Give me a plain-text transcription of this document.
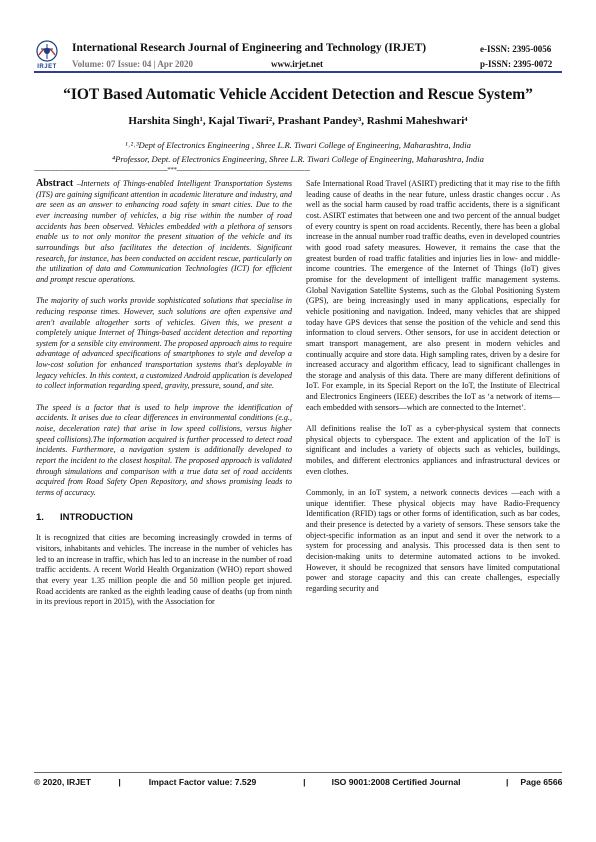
IRJET
International Research Journal of Engineering and Technology (IRJET)
Volume: 07 Issue: 04 | Apr 2020	www.irjet.net
e-ISSN: 2395-0056
p-ISSN: 2395-0072
“IOT Based Automatic Vehicle Accident Detection and Rescue System”
Harshita Singh¹, Kajal Tiwari², Prashant Pandey³, Rashmi Maheshwari⁴
¹˒²˒³Dept of Electronics Engineering , Shree L.R. Tiwari College of Engineering, Maharashtra, India
⁴Professor, Dept. of Electronics Engineering, Shree L.R. Tiwari College of Engineering, Maharashtra, India
---------------------------------------------------------------------***---------------------------------------------------------------------

Abstract –Internets of Things-enabled Intelligent Transportation Systems (ITS) are gaining significant attention in academic literature and industry, and are seen as an answer to enhancing road safety in smart cities. Due to the ever increasing number of vehicles, a big rise within the number of road accidents has been observed. Vehicles embedded with a plethora of sensors enable us to not only monitor the present situation of the vehicle and its surroundings but also facilitates the detection of incidents. Significant research, for instance, has been conducted on accident rescue, particularly on the utilization of data and Communication Technologies (ICT) for efficient and prompt rescue operations.

The majority of such works provide sophisticated solutions that specialise in reducing response times. However, such solutions are often expensive and aren't available altogether sorts of vehicles. Given this, we present a completely unique Internet of Things-based accident detection and reporting system for a sensible city environment. The proposed approach aims to require advantage of advanced specifications of smartphones to style and develop a low-cost solution for enhanced transportation systems that's deployable in legacy vehicles. In this context, a customized Android application is developed to collect information regarding speed, gravity, pressure, sound, and site.

The speed is a factor that is used to help improve the identification of accidents. It arises due to clear differences in environmental conditions (e.g., noise, deceleration rate) that arise in low speed collisions, versus higher speed collisions).The information acquired is further processed to detect road incidents. Furthermore, a navigation system is additionally developed to report the incident to the closest hospital. The proposed approach is validated through simulations and comparison with a true data set of road accidents acquired from Road Safety Open Repository, and shows promising leads to terms of accuracy.

1. INTRODUCTION

It is recognized that cities are becoming increasingly crowded in terms of visitors, inhabitants and vehicles. The increase in the number of vehicles has led to an increase in traffic, which has led to an increase in the number of road traffic accidents. A recent World Health Organization (WHO) report showed that every year 1.35 million people die and 50 million people get injured. Road accidents are ranked as the eighth leading cause of deaths (up from ninth in its previous report in 2015), with the Association for

Safe International Road Travel (ASIRT) predicting that it may rise to the fifth leading cause of deaths in the near future, unless drastic changes occur . As well as the social harm caused by road traffic accidents, there is a significant cost. ASIRT estimates that between one and two percent of the annual budget of every country is spent on road accidents. Recently, there has been a global increase in the annual number road traffic deaths, even in developed countries with good road safety measures. However, it remains the case that the greatest burden of road traffic fatalities and injuries lies in low- and middle-income countries. The emergence of the Internet of Things (IoT) gives promise for the development of intelligent traffic management systems. Global Navigation Satellite Systems, such as the Global Positioning System (GPS), are being increasingly used in many applications, especially for vehicle positioning and navigation. Indeed, many vehicles that are shipped today have GPS devices that sense the position of the vehicle and send this information to cloud servers. Other sensors, for use in accident detection or smart transport management, are also present in modern vehicles and continually acquire and store data. High sampling rates, driven by a desire for increased accuracy and algorithm efficacy, lead to significant challenges in the storage and analysis of this data. There are many different definitions of IoT. For example, in its Special Report on the IoT, the Institute of Electrical and Electronics Engineers (IEEE) describes the IoT as ‘a network of items—each embedded with sensors—which are connected to the Internet’.

All definitions realise the IoT as a cyber-physical system that connects physical objects to cyberspace. The extent and application of the IoT is significant and includes a variety of objects such as vehicles, buildings, mobiles, and different electronics appliances and infrastructural devices or even clothes.

Commonly, in an IoT system, a network connects devices —each with a unique identifier. These physical objects may have Radio-Frequency Identification (RFID) tags or other forms of identification, such as bar codes, and their presence is detected by a variety of sensors. These sensors take the object-specific information as an input and send it over the network to a system for processing and analysis. This processed data is then sent to decision-making units to determine automated actions to be invoked. However, it should be recognized that sensors have limited computational power and storage capacity and this can create challenges, especially regarding security and

© 2020, IRJET	|	Impact Factor value: 7.529	|	ISO 9001:2008 Certified Journal	| Page 6566
